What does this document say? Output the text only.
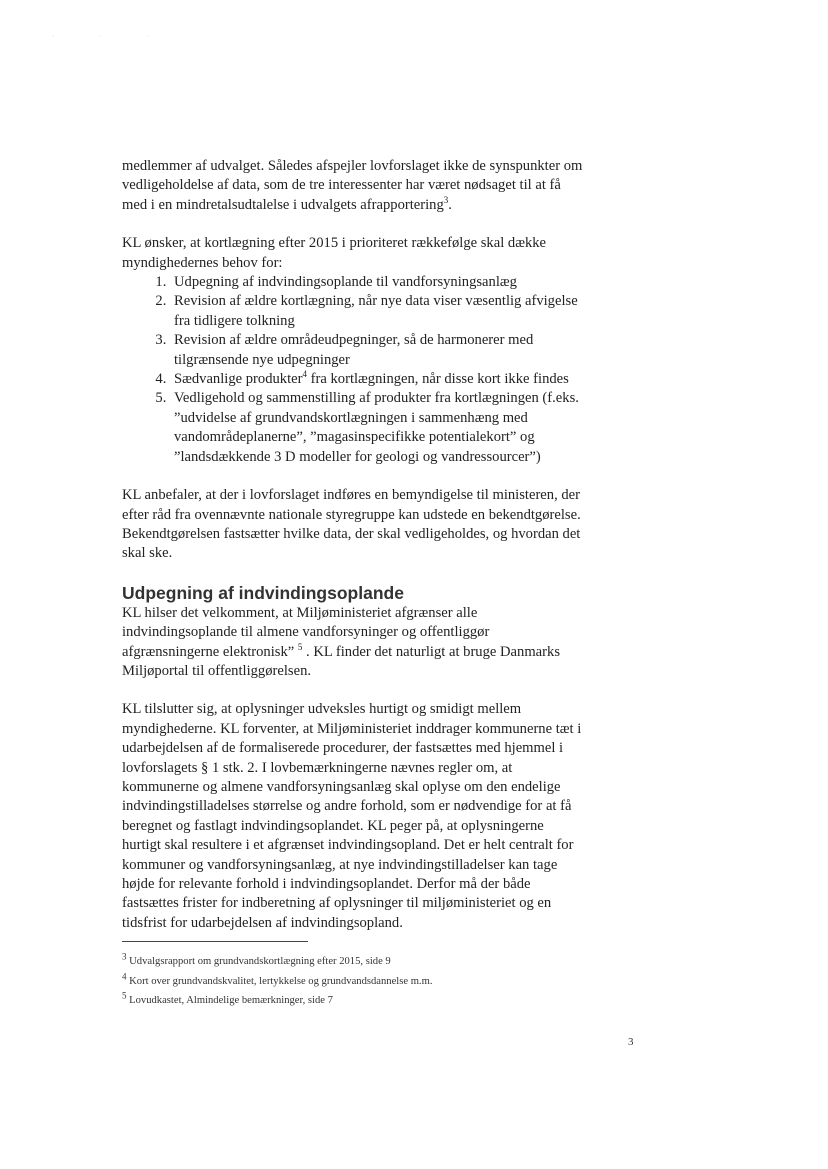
· · ·

medlemmer af udvalget. Således afspejler lovforslaget ikke de synspunkter om vedligeholdelse af data, som de tre interessenter har været nødsaget til at få med i en mindretalsudtalelse i udvalgets afrapportering$^3$.

KL ønsker, at kortlægning efter 2015 i prioriteret rækkefølge skal dække myndighedernes behov for:

1. Udpegning af indvindingsoplande til vandforsyningsanlæg
2. Revision af ældre kortlægning, når nye data viser væsentlig afvigelse fra tidligere tolkning
3. Revision af ældre områdeudpegninger, så de harmonerer med tilgrænsende nye udpegninger
4. Sædvanlige produkter$^4$ fra kortlægningen, når disse kort ikke findes
5. Vedligehold og sammenstilling af produkter fra kortlægningen (f.eks. ”udvidelse af grundvandskortlægningen i sammenhæng med vandområdeplanerne”, ”magasinspecifikke potentialekort” og ”landsdækkende 3 D modeller for geologi og vandressourcer”)

KL anbefaler, at der i lovforslaget indføres en bemyndigelse til ministeren, der efter råd fra ovennævnte nationale styregruppe kan udstede en bekendtgørelse. Bekendtgørelsen fastsætter hvilke data, der skal vedligeholdes, og hvordan det skal ske.

Udpegning af indvindingsoplande

KL hilser det velkomment, at Miljøministeriet afgrænser alle indvindingsoplande til almene vandforsyninger og offentliggør afgrænsningerne elektronisk” $^5$ . KL finder det naturligt at bruge Danmarks Miljøportal til offentliggørelsen.

KL tilslutter sig, at oplysninger udveksles hurtigt og smidigt mellem myndighederne. KL forventer, at Miljøministeriet inddrager kommunerne tæt i udarbejdelsen af de formaliserede procedurer, der fastsættes med hjemmel i lovforslagets § 1 stk. 2. I lovbemærkningerne nævnes regler om, at kommunerne og almene vandforsyningsanlæg skal oplyse om den endelige indvindingstilladelses størrelse og andre forhold, som er nødvendige for at få beregnet og fastlagt indvindingsoplandet. KL peger på, at oplysningerne hurtigt skal resultere i et afgrænset indvindingsopland. Det er helt centralt for kommuner og vandforsyningsanlæg, at nye indvindingstilladelser kan tage højde for relevante forhold i indvindingsoplandet. Derfor må der både fastsættes frister for indberetning af oplysninger til miljøministeriet og en tidsfrist for udarbejdelsen af indvindingsopland.

$^3$ Udvalgsrapport om grundvandskortlægning efter 2015, side 9
$^4$ Kort over grundvandskvalitet, lertykkelse og grundvandsdannelse m.m.
$^5$ Lovudkastet, Almindelige bemærkninger, side 7
3
